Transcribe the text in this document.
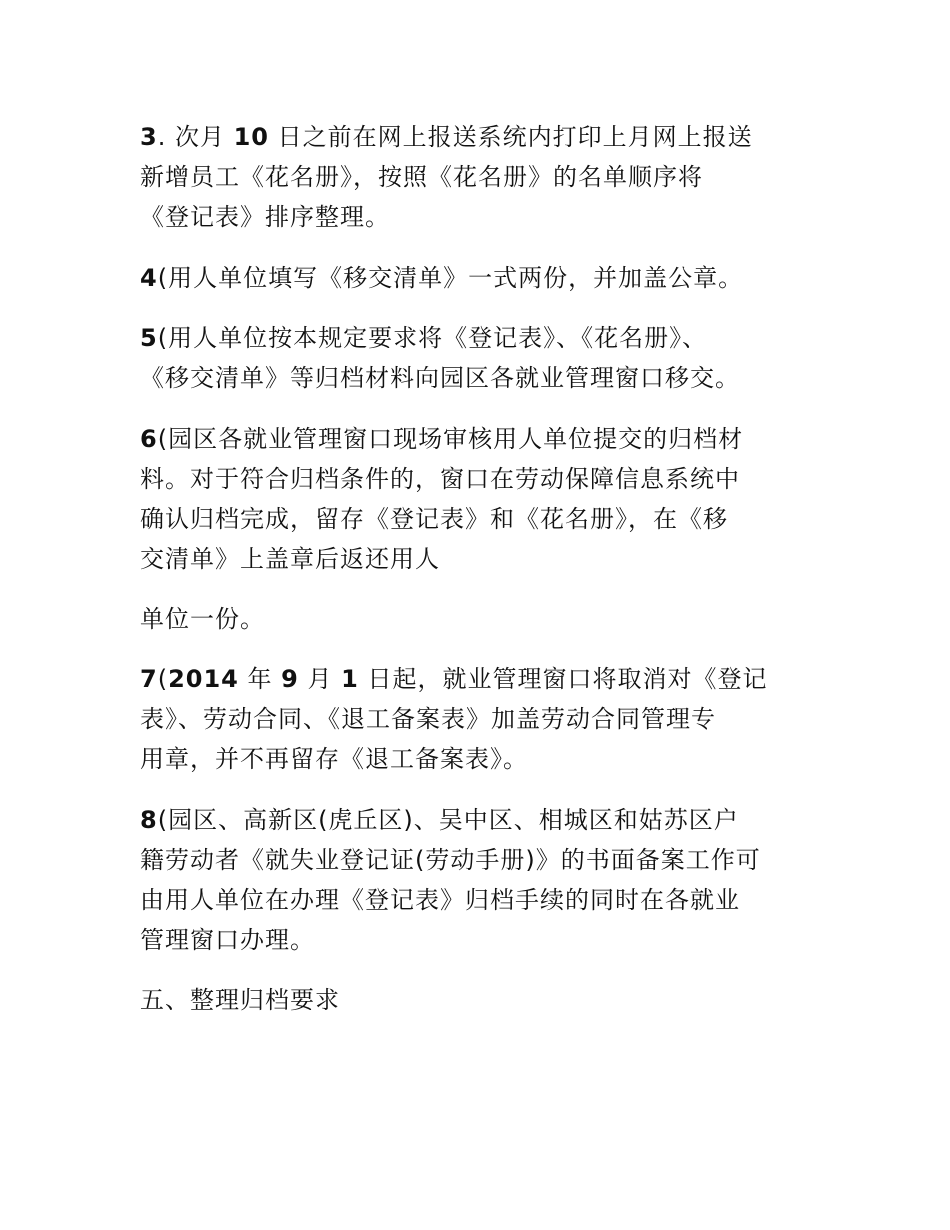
3. 次月 10 日之前在网上报送系统内打印上月网上报送
新增员工《花名册》，按照《花名册》的名单顺序将
《登记表》排序整理。
4(用人单位填写《移交清单》一式两份，并加盖公章。
5(用人单位按本规定要求将《登记表》、《花名册》、
《移交清单》等归档材料向园区各就业管理窗口移交。
6(园区各就业管理窗口现场审核用人单位提交的归档材
料。对于符合归档条件的，窗口在劳动保障信息系统中
确认归档完成，留存《登记表》和《花名册》，在《移
交清单》上盖章后返还用人
单位一份。
7(2014 年 9 月 1 日起，就业管理窗口将取消对《登记
表》、劳动合同、《退工备案表》加盖劳动合同管理专
用章，并不再留存《退工备案表》。
8(园区、高新区(虎丘区)、吴中区、相城区和姑苏区户
籍劳动者《就失业登记证(劳动手册)》的书面备案工作可
由用人单位在办理《登记表》归档手续的同时在各就业
管理窗口办理。
五、整理归档要求
